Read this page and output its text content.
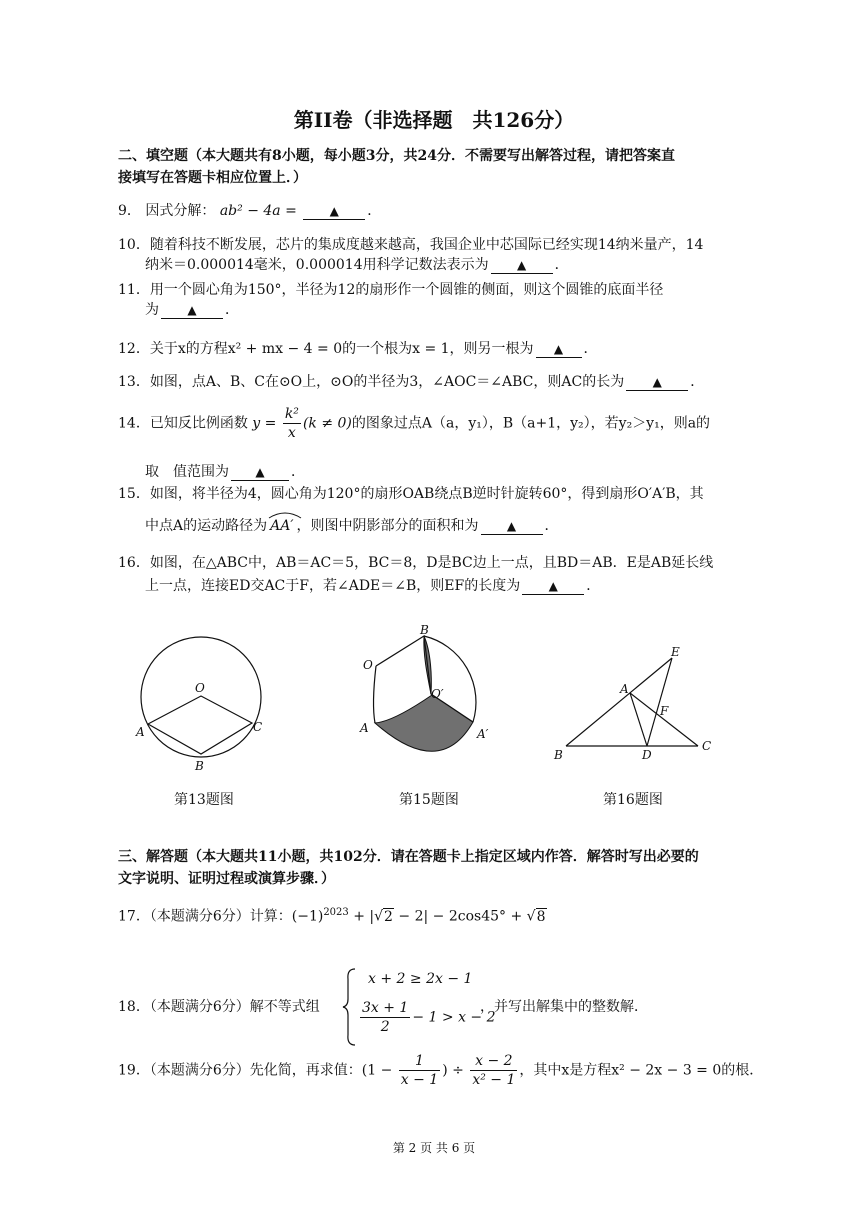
第II卷（非选择题　共126分）
二、填空题（本大题共有8小题，每小题3分，共24分．不需要写出解答过程，请把答案直
接填写在答题卡相应位置上．）
9． 因式分解： ab² − 4a =	▲ ．
10．随着科技不断发展，芯片的集成度越来越高，我国企业中芯国际已经实现14纳米量产，14
纳米＝0.000014毫米，0.000014用科学记数法表示为 ▲ ．
11．用一个圆心角为150°，半径为12的扇形作一个圆锥的侧面，则这个圆锥的底面半径
为 ▲ ．
12．关于x的方程x² + mx − 4 = 0的一个根为x = 1，则另一根为 ▲ ．
13．如图，点A、B、C在⊙O上，⊙O的半径为3，∠AOC＝∠ABC，则AC的长为 ▲ ．
14．已知反比例函数 $y = \frac{\text{k²}}{x} (k \ne 0)$的图象过点A（a，y₁），B（a+1，y₂），若y₂＞y₁，则a的
取　值范围为 ▲ ．
15．如图，将半径为4，圆心角为120°的扇形OAB绕点B逆时针旋转60°，得到扇形O′A′B，其
中点A的运动路径为 AA′ ，则图中阴影部分的面积和为 ▲ ．
16．如图，在△ABC中，AB＝AC＝5，BC＝8，D是BC边上一点，且BD＝AB．E是AB延长线
上一点，连接ED交AC于F，若∠ADE＝∠B，则EF的长度为 ▲ ．
O
A	C
B
第13题图
B
O
O′
A	A′
第15题图
E
A
F
B	D
C
第16题图
三、解答题（本大题共11小题，共102分．请在答题卡上指定区域内作答．解答时写出必要的
文字说明、证明过程或演算步骤．）
17．（本题满分6分）计算：$(-1)^{2023} + |√2 - 2| - 2\cos 45^\circ + √8$
18．（本题满分6分）解不等式组
x + 2 ≥ 2x − 1
$\frac{3x + 1}{2} - 1 > x - 2$
，并写出解集中的整数解．
19．（本题满分6分）先化简，再求值：($1 - \frac{1}{x - 1}$ ) ÷ $\frac{x - 2}{\text{x² − 1}}$ ，其中x是方程x² − 2x − 3 = 0的根．
第 2 页 共 6 页
